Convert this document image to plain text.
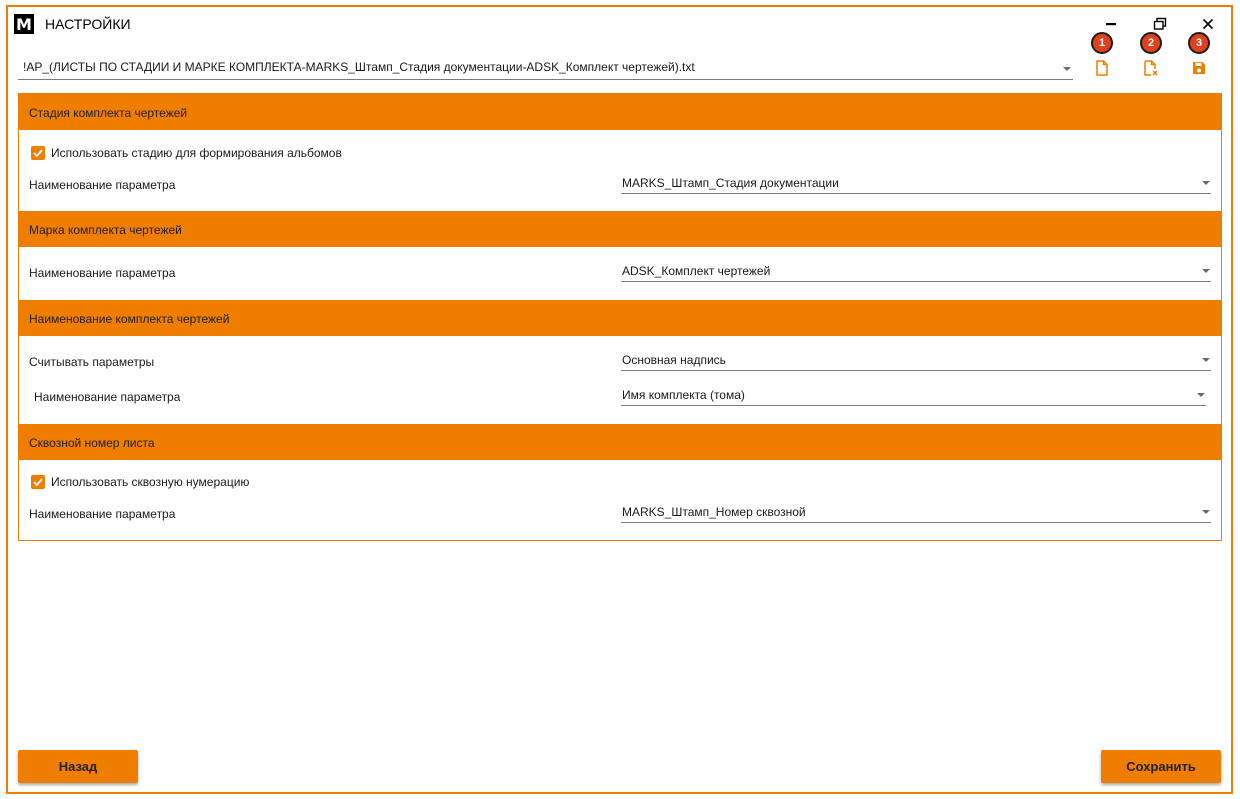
M НАСТРОЙКИ
!АР_(ЛИСТЫ ПО СТАДИИ И МАРКЕ КОМПЛЕКТА-MARKS_Штамп_Стадия документации-ADSK_Комплект чертежей).txt
1	2	3
Стадия комплекта чертежей
Использовать стадию для формирования альбомов
Наименование параметра	MARKS_Штамп_Стадия документации
Марка комплекта чертежей
Наименование параметра	ADSK_Комплект чертежей
Наименование комплекта чертежей
Считывать параметры	Основная надпись
Наименование параметра	Имя комплекта (тома)
Сквозной номер листа
Использовать сквозную нумерацию
Наименование параметра	MARKS_Штамп_Номер сквозной
Назад	Сохранить
